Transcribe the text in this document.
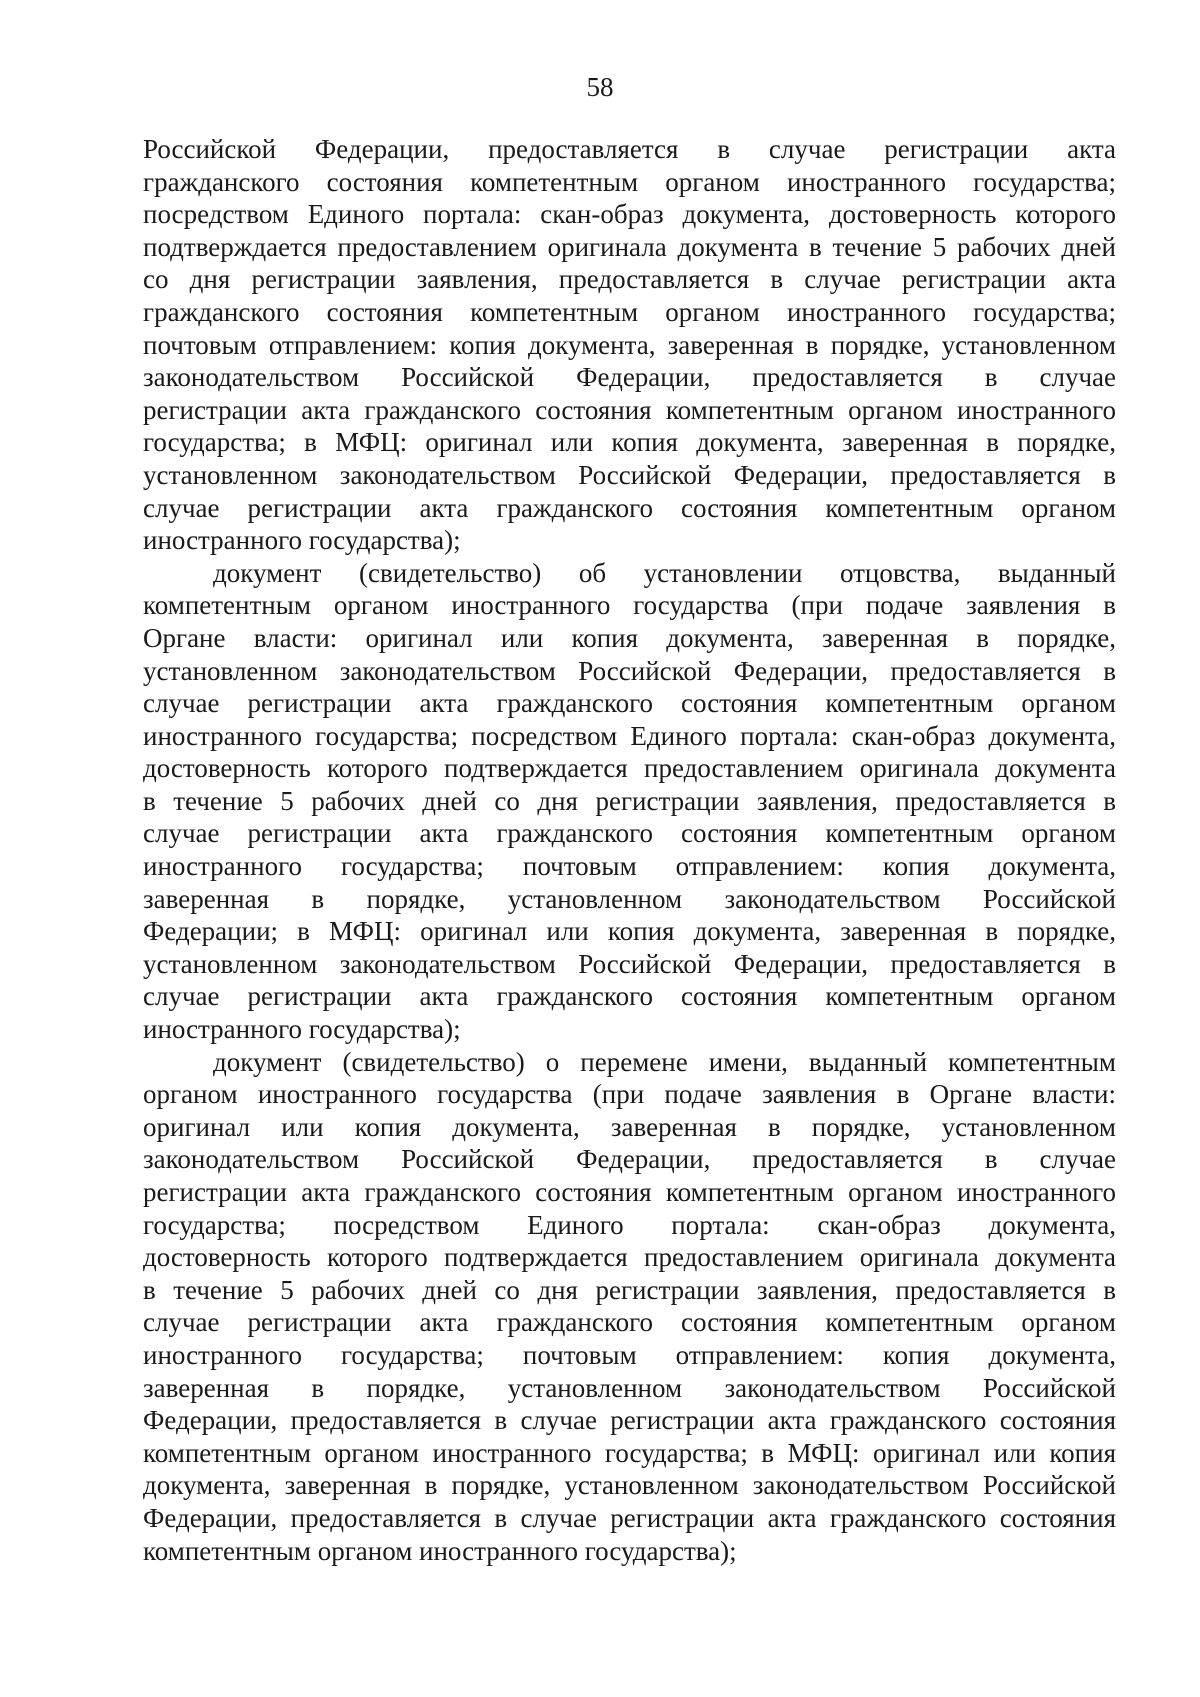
58
Российской Федерации, предоставляется в случае регистрации акта
гражданского состояния компетентным органом иностранного государства;
посредством Единого портала: скан-образ документа, достоверность которого
подтверждается предоставлением оригинала документа в течение 5 рабочих дней
со дня регистрации заявления, предоставляется в случае регистрации акта
гражданского состояния компетентным органом иностранного государства;
почтовым отправлением: копия документа, заверенная в порядке, установленном
законодательством Российской Федерации, предоставляется в случае
регистрации акта гражданского состояния компетентным органом иностранного
государства; в МФЦ: оригинал или копия документа, заверенная в порядке,
установленном законодательством Российской Федерации, предоставляется в
случае регистрации акта гражданского состояния компетентным органом
иностранного государства);
документ (свидетельство) об установлении отцовства, выданный
компетентным органом иностранного государства (при подаче заявления в
Органе власти: оригинал или копия документа, заверенная в порядке,
установленном законодательством Российской Федерации, предоставляется в
случае регистрации акта гражданского состояния компетентным органом
иностранного государства; посредством Единого портала: скан-образ документа,
достоверность которого подтверждается предоставлением оригинала документа
в течение 5 рабочих дней со дня регистрации заявления, предоставляется в
случае регистрации акта гражданского состояния компетентным органом
иностранного государства; почтовым отправлением: копия документа,
заверенная в порядке, установленном законодательством Российской
Федерации; в МФЦ: оригинал или копия документа, заверенная в порядке,
установленном законодательством Российской Федерации, предоставляется в
случае регистрации акта гражданского состояния компетентным органом
иностранного государства);
документ (свидетельство) о перемене имени, выданный компетентным
органом иностранного государства (при подаче заявления в Органе власти:
оригинал или копия документа, заверенная в порядке, установленном
законодательством Российской Федерации, предоставляется в случае
регистрации акта гражданского состояния компетентным органом иностранного
государства; посредством Единого портала: скан-образ документа,
достоверность которого подтверждается предоставлением оригинала документа
в течение 5 рабочих дней со дня регистрации заявления, предоставляется в
случае регистрации акта гражданского состояния компетентным органом
иностранного государства; почтовым отправлением: копия документа,
заверенная в порядке, установленном законодательством Российской
Федерации, предоставляется в случае регистрации акта гражданского состояния
компетентным органом иностранного государства; в МФЦ: оригинал или копия
документа, заверенная в порядке, установленном законодательством Российской
Федерации, предоставляется в случае регистрации акта гражданского состояния
компетентным органом иностранного государства);
